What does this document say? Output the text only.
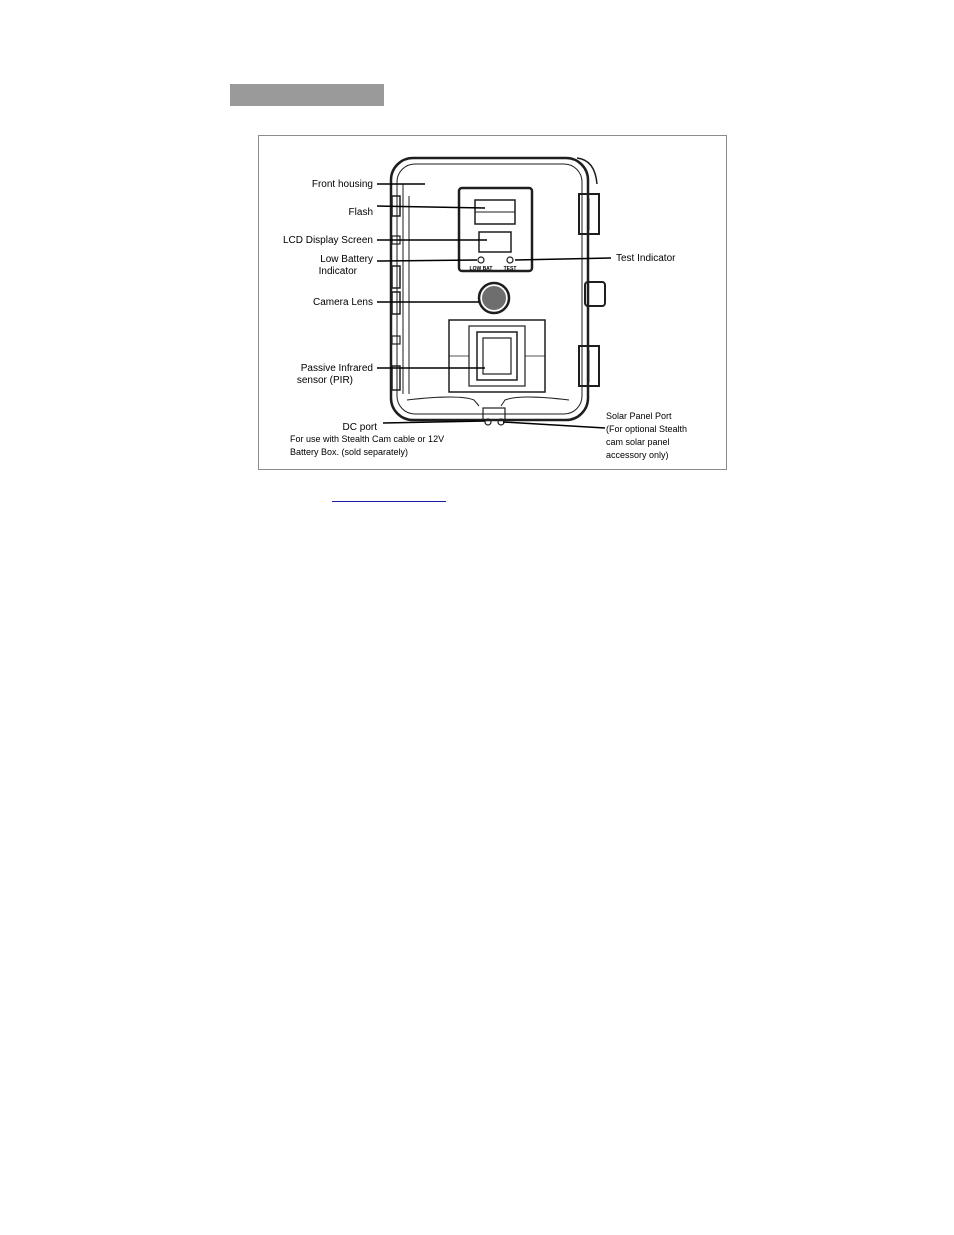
Front housing
Flash
LCD Display Screen
Low Battery
Indicator
Camera Lens
Passive Infrared
sensor (PIR)
DC port
For use with Stealth Cam cable or 12V
Battery Box. (sold separately)
Solar Panel Port
(For optional Stealth
cam solar panel
accessory only)
Test Indicator
LOW BAT TEST
